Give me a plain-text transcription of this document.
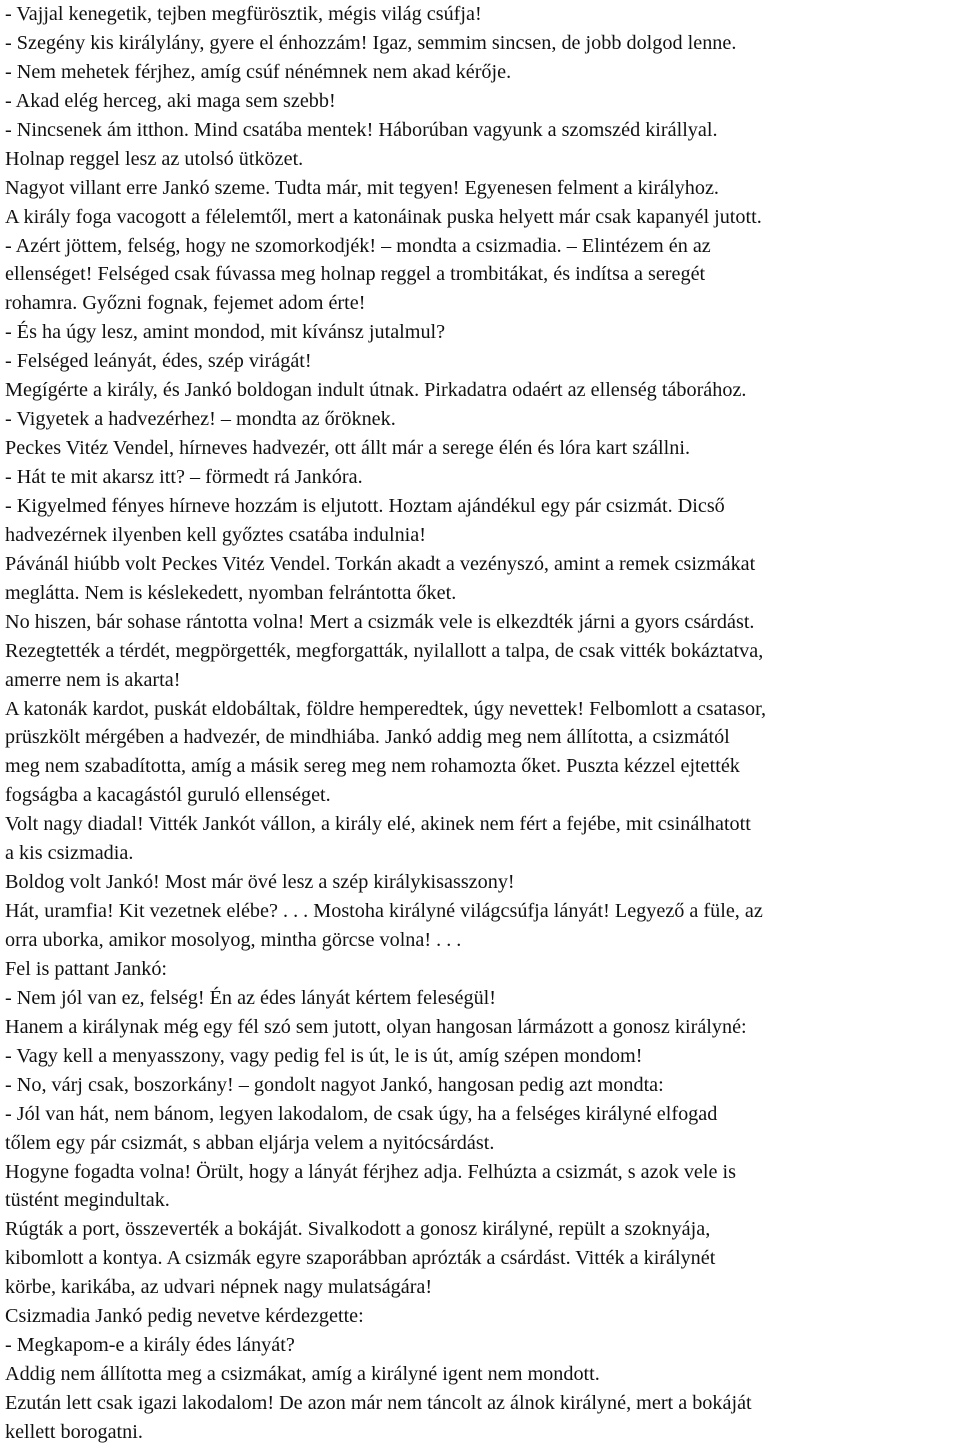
- Vajjal kenegetik, tejben megfürösztik, mégis világ csúfja!
- Szegény kis királylány, gyere el énhozzám! Igaz, semmim sincsen, de jobb dolgod lenne.
- Nem mehetek férjhez, amíg csúf nénémnek nem akad kérője.
- Akad elég herceg, aki maga sem szebb!
- Nincsenek ám itthon. Mind csatába mentek! Háborúban vagyunk a szomszéd királlyal.
Holnap reggel lesz az utolsó ütközet.
Nagyot villant erre Jankó szeme. Tudta már, mit tegyen! Egyenesen felment a királyhoz.
A király foga vacogott a félelemtől, mert a katonáinak puska helyett már csak kapanyél jutott.
- Azért jöttem, felség, hogy ne szomorkodjék! – mondta a csizmadia. – Elintézem én az
ellenséget! Felséged csak fúvassa meg holnap reggel a trombitákat, és indítsa a seregét
rohamra. Győzni fognak, fejemet adom érte!
- És ha úgy lesz, amint mondod, mit kívánsz jutalmul?
- Felséged leányát, édes, szép virágát!
Megígérte a király, és Jankó boldogan indult útnak. Pirkadatra odaért az ellenség táborához.
- Vigyetek a hadvezérhez! – mondta az őröknek.
Peckes Vitéz Vendel, hírneves hadvezér, ott állt már a serege élén és lóra kart szállni.
- Hát te mit akarsz itt? – förmedt rá Jankóra.
- Kigyelmed fényes hírneve hozzám is eljutott. Hoztam ajándékul egy pár csizmát. Dicső
hadvezérnek ilyenben kell győztes csatába indulnia!
Pávánál hiúbb volt Peckes Vitéz Vendel. Torkán akadt a vezényszó, amint a remek csizmákat
meglátta. Nem is késlekedett, nyomban felrántotta őket.
No hiszen, bár sohase rántotta volna! Mert a csizmák vele is elkezdték járni a gyors csárdást.
Rezegtették a térdét, megpörgették, megforgatták, nyilallott a talpa, de csak vitték bokáztatva,
amerre nem is akarta!
A katonák kardot, puskát eldobáltak, földre hemperedtek, úgy nevettek! Felbomlott a csatasor,
prüszkölt mérgében a hadvezér, de mindhiába. Jankó addig meg nem állította, a csizmától
meg nem szabadította, amíg a másik sereg meg nem rohamozta őket. Puszta kézzel ejtették
fogságba a kacagástól guruló ellenséget.
Volt nagy diadal! Vitték Jankót vállon, a király elé, akinek nem fért a fejébe, mit csinálhatott
a kis csizmadia.
Boldog volt Jankó! Most már övé lesz a szép királykisasszony!
Hát, uramfia! Kit vezetnek elébe? . . . Mostoha királyné világcsúfja lányát! Legyező a füle, az
orra uborka, amikor mosolyog, mintha görcse volna! . . .
Fel is pattant Jankó:
- Nem jól van ez, felség! Én az édes lányát kértem feleségül!
Hanem a királynak még egy fél szó sem jutott, olyan hangosan lármázott a gonosz királyné:
- Vagy kell a menyasszony, vagy pedig fel is út, le is út, amíg szépen mondom!
- No, várj csak, boszorkány! – gondolt nagyot Jankó, hangosan pedig azt mondta:
- Jól van hát, nem bánom, legyen lakodalom, de csak úgy, ha a felséges királyné elfogad
tőlem egy pár csizmát, s abban eljárja velem a nyitócsárdást.
Hogyne fogadta volna! Örült, hogy a lányát férjhez adja. Felhúzta a csizmát, s azok vele is
tüstént megindultak.
Rúgták a port, összeverték a bokáját. Sivalkodott a gonosz királyné, repült a szoknyája,
kibomlott a kontya. A csizmák egyre szaporábban aprózták a csárdást. Vitték a királynét
körbe, karikába, az udvari népnek nagy mulatságára!
Csizmadia Jankó pedig nevetve kérdezgette:
- Megkapom-e a király édes lányát?
Addig nem állította meg a csizmákat, amíg a királyné igent nem mondott.
Ezután lett csak igazi lakodalom! De azon már nem táncolt az álnok királyné, mert a bokáját
kellett borogatni.
